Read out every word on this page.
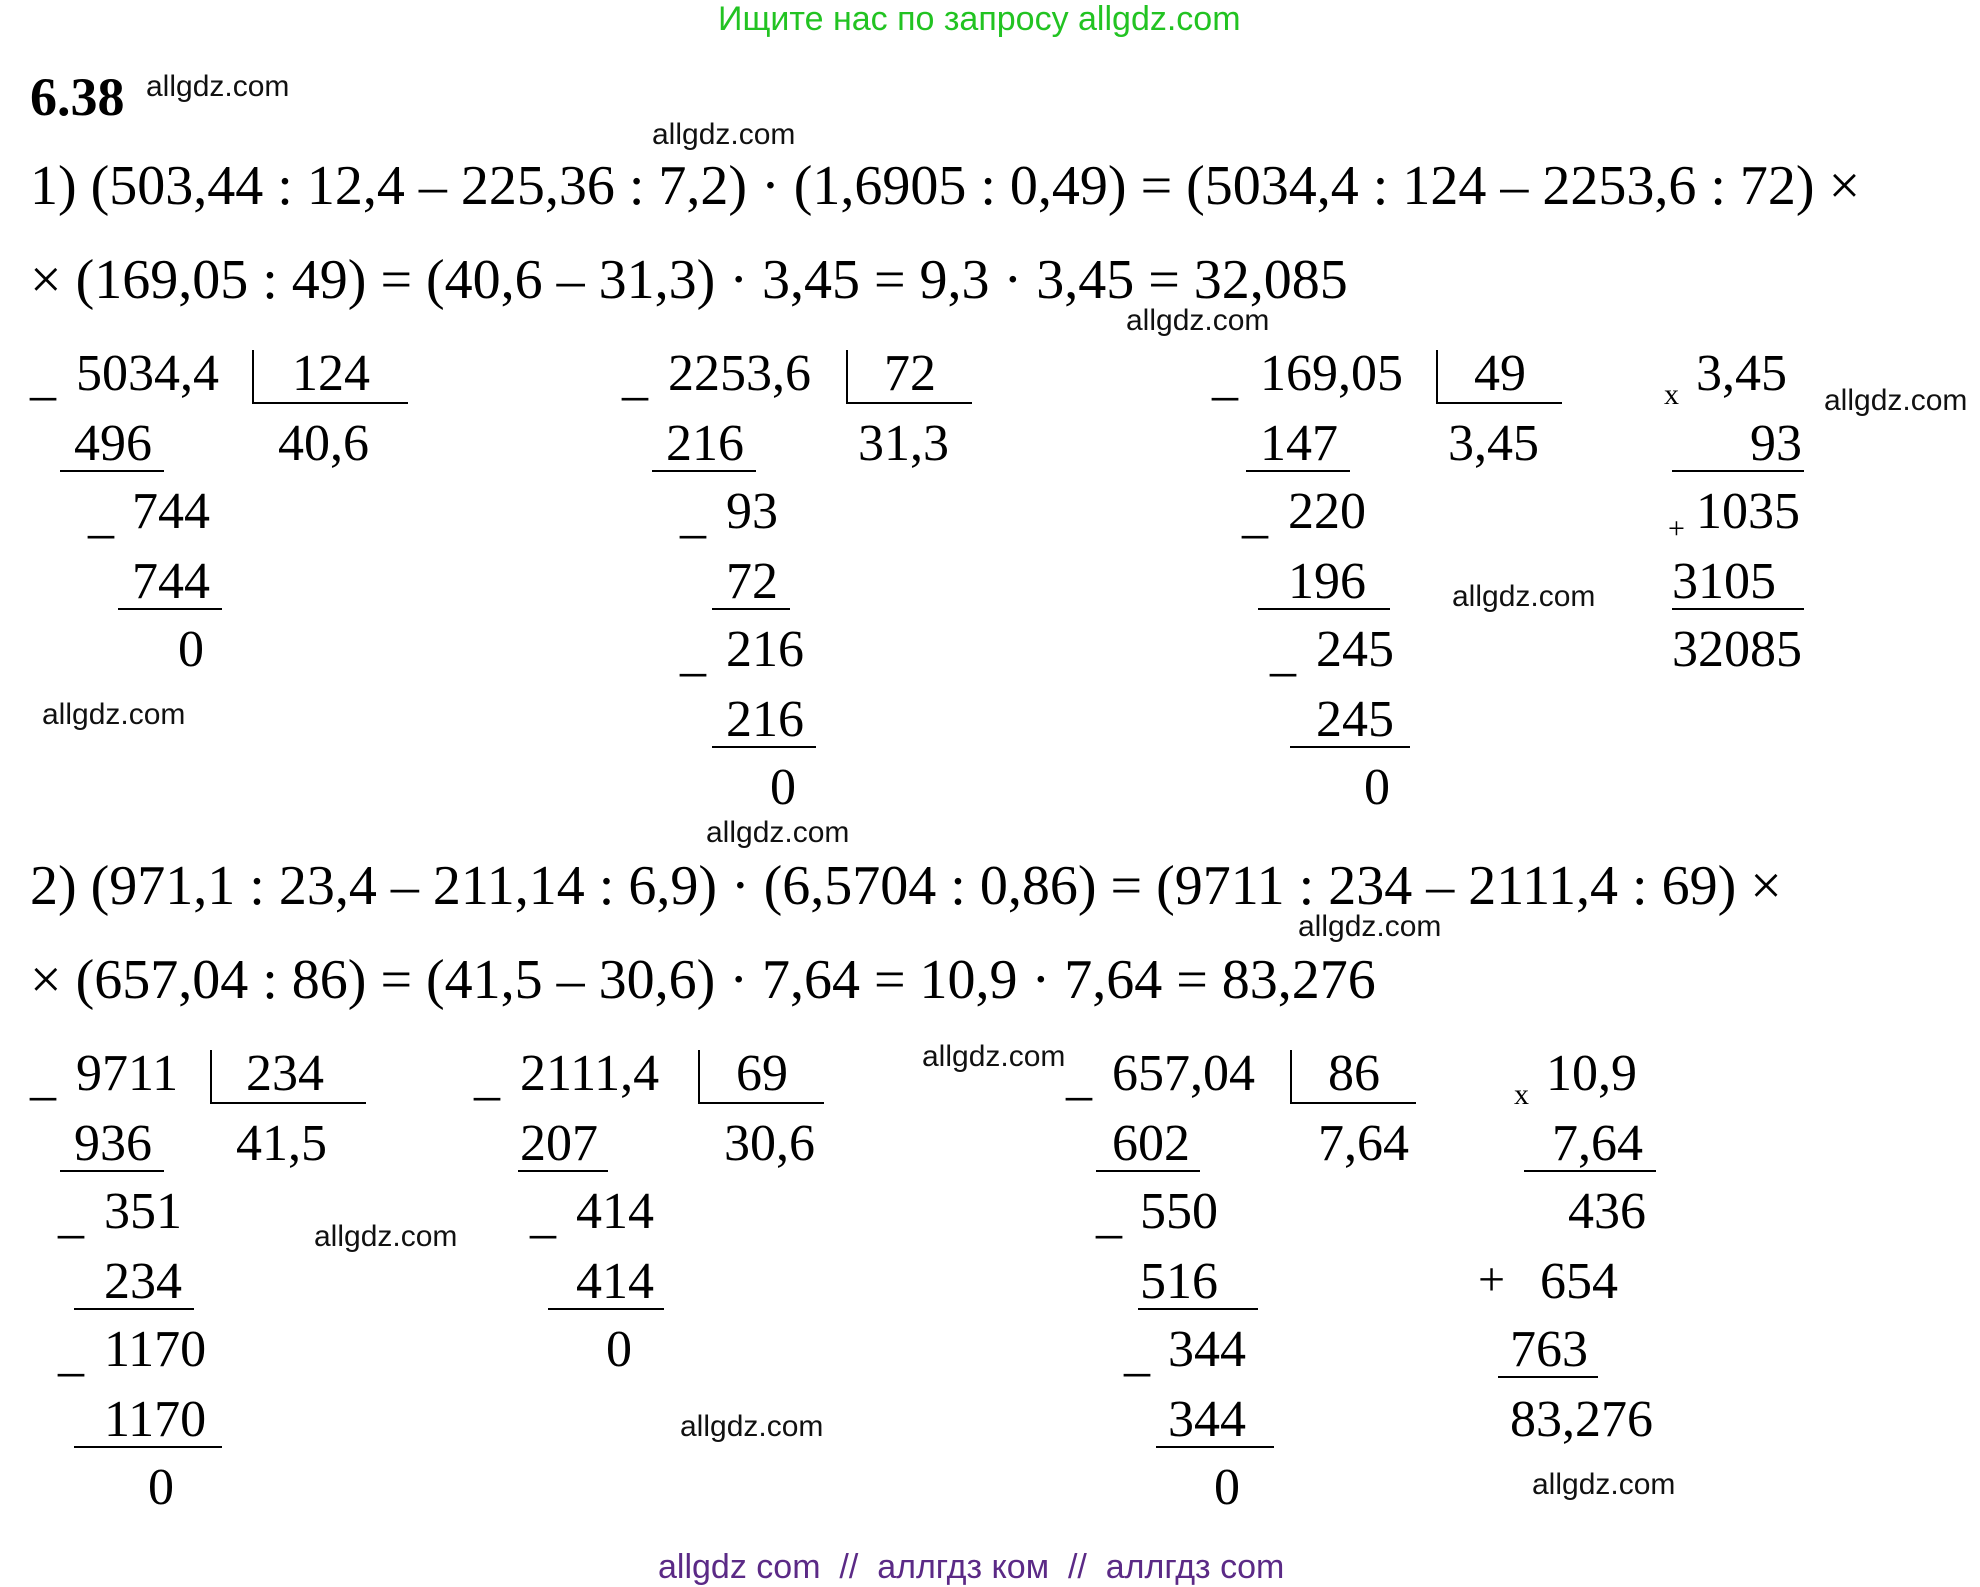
Ищите нас по запросу allgdz.com
6.38 allgdz.com
allgdz.com
1) (503,44 : 12,4 – 225,36 : 7,2) · (1,6905 : 0,49) = (5034,4 : 124 – 2253,6 : 72) ×
× (169,05 : 49) = (40,6 – 31,3) · 3,45 = 9,3 · 3,45 = 32,085
allgdz.com
_ 5034,4 124
40,6
496
_ 744
744
0
allgdz.com
_ 2253,6 72
31,3
216
_ 93
72
_ 216
216
0
allgdz.com
_ 169,05 49
3,45
147
_ 220
196
_ 245
245
0
allgdz.com
x 3,45
93
+ 1035
3105
32085
allgdz.com
2) (971,1 : 23,4 – 211,14 : 6,9) · (6,5704 : 0,86) = (9711 : 234 – 2111,4 : 69) ×
allgdz.com
× (657,04 : 86) = (41,5 – 30,6) · 7,64 = 10,9 · 7,64 = 83,276
_ 9711 234
41,5
936
_ 351
234
_ 1170
1170
0
allgdz.com
_ 2111,4 69
30,6
207
_ 414
414
0
allgdz.com
allgdz.com
_ 657,04 86
7,64
602
_ 550
516
_ 344
344
0
x 10,9
7,64
436
+ 654
763
83,276
allgdz.com
allgdz com  //  аллгдз ком  //  аллгдз com
